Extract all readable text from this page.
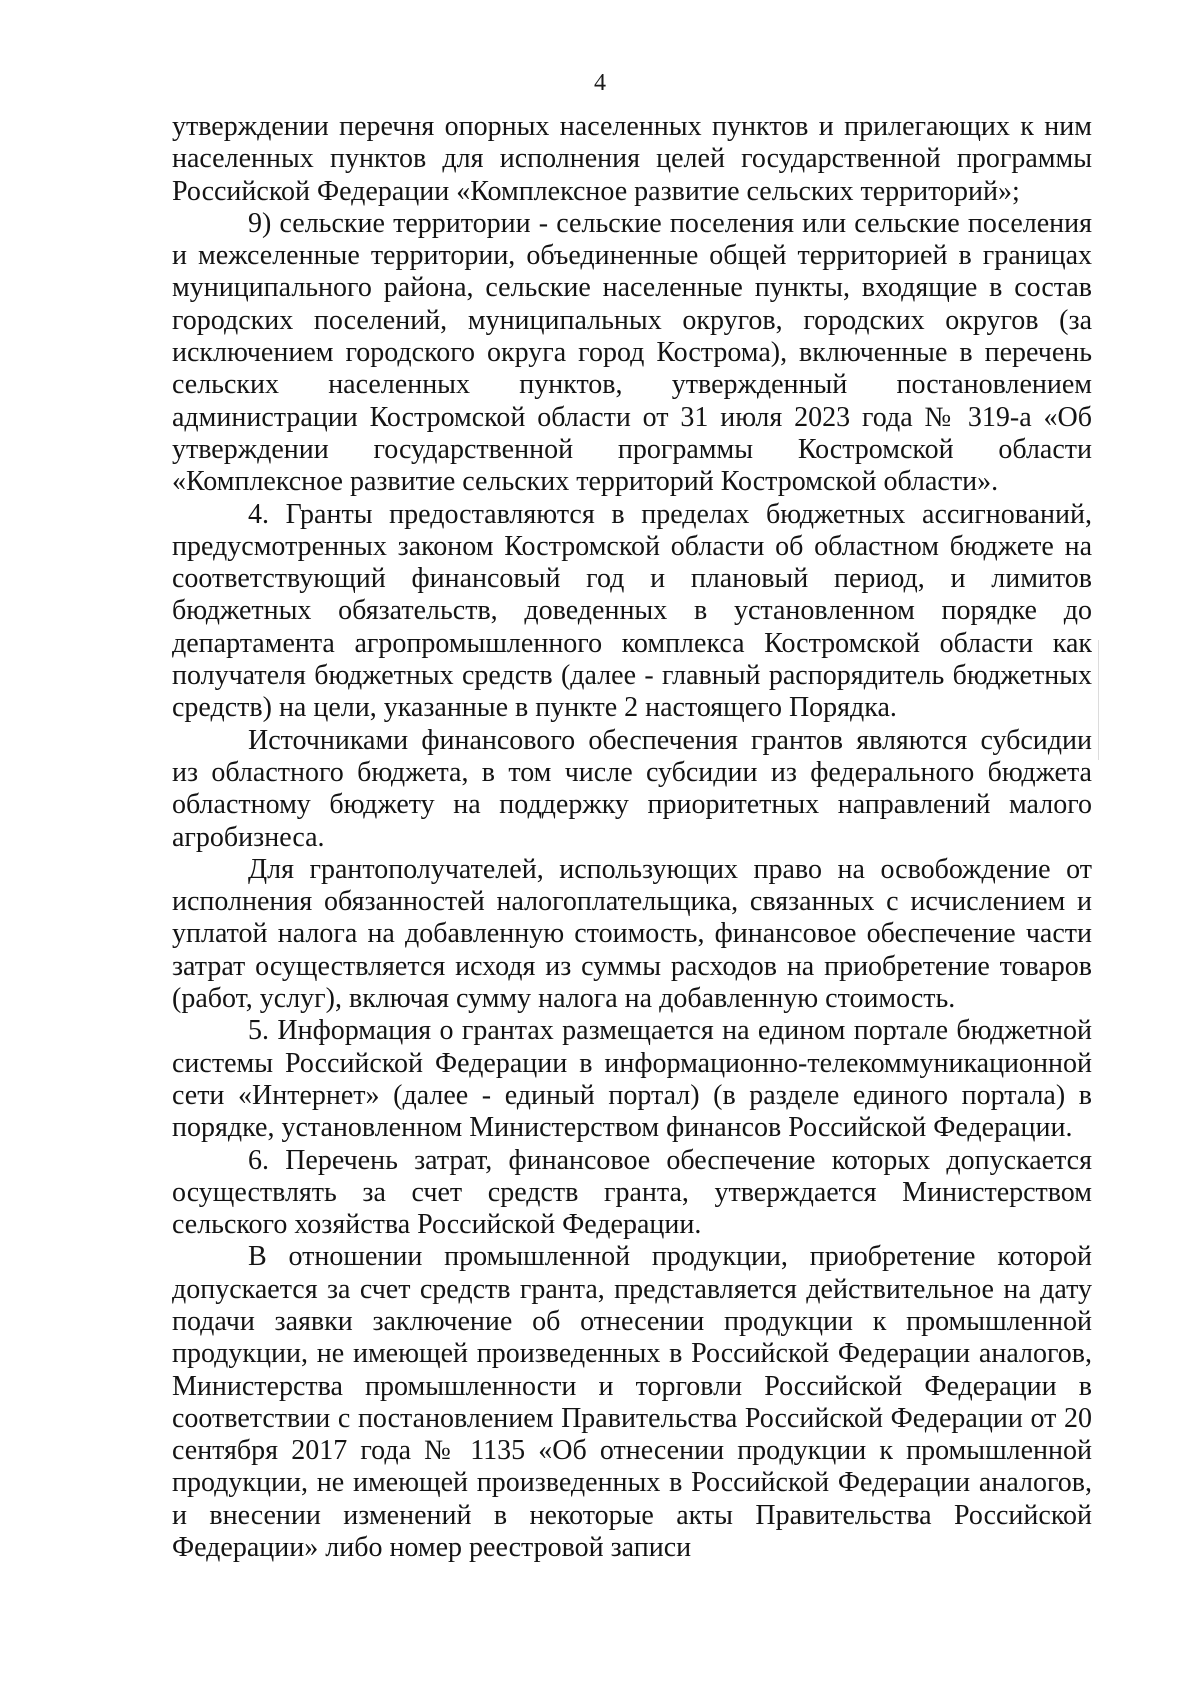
4

утверждении перечня опорных населенных пунктов и прилегающих к ним населенных пунктов для исполнения целей государственной программы Российской Федерации «Комплексное развитие сельских территорий»;

9) сельские территории - сельские поселения или сельские поселения и межселенные территории, объединенные общей территорией в границах муниципального района, сельские населенные пункты, входящие в состав городских поселений, муниципальных округов, городских округов (за исключением городского округа город Кострома), включенные в перечень сельских населенных пунктов, утвержденный постановлением администрации Костромской области от 31 июля 2023 года № 319-а «Об утверждении государственной программы Костромской области «Комплексное развитие сельских территорий Костромской области».

4. Гранты предоставляются в пределах бюджетных ассигнований, предусмотренных законом Костромской области об областном бюджете на соответствующий финансовый год и плановый период, и лимитов бюджетных обязательств, доведенных в установленном порядке до департамента агропромышленного комплекса Костромской области как получателя бюджетных средств (далее - главный распорядитель бюджетных средств) на цели, указанные в пункте 2 настоящего Порядка.

Источниками финансового обеспечения грантов являются субсидии из областного бюджета, в том числе субсидии из федерального бюджета областному бюджету на поддержку приоритетных направлений малого агробизнеса.

Для грантополучателей, использующих право на освобождение от исполнения обязанностей налогоплательщика, связанных с исчислением и уплатой налога на добавленную стоимость, финансовое обеспечение части затрат осуществляется исходя из суммы расходов на приобретение товаров (работ, услуг), включая сумму налога на добавленную стоимость.

5. Информация о грантах размещается на едином портале бюджетной системы Российской Федерации в информационно-телекоммуникационной сети «Интернет» (далее - единый портал) (в разделе единого портала) в порядке, установленном Министерством финансов Российской Федерации.

6. Перечень затрат, финансовое обеспечение которых допускается осуществлять за счет средств гранта, утверждается Министерством сельского хозяйства Российской Федерации.

В отношении промышленной продукции, приобретение которой допускается за счет средств гранта, представляется действительное на дату подачи заявки заключение об отнесении продукции к промышленной продукции, не имеющей произведенных в Российской Федерации аналогов, Министерства промышленности и торговли Российской Федерации в соответствии с постановлением Правительства Российской Федерации от 20 сентября 2017 года № 1135 «Об отнесении продукции к промышленной продукции, не имеющей произведенных в Российской Федерации аналогов, и внесении изменений в некоторые акты Правительства Российской Федерации» либо номер реестровой записи
